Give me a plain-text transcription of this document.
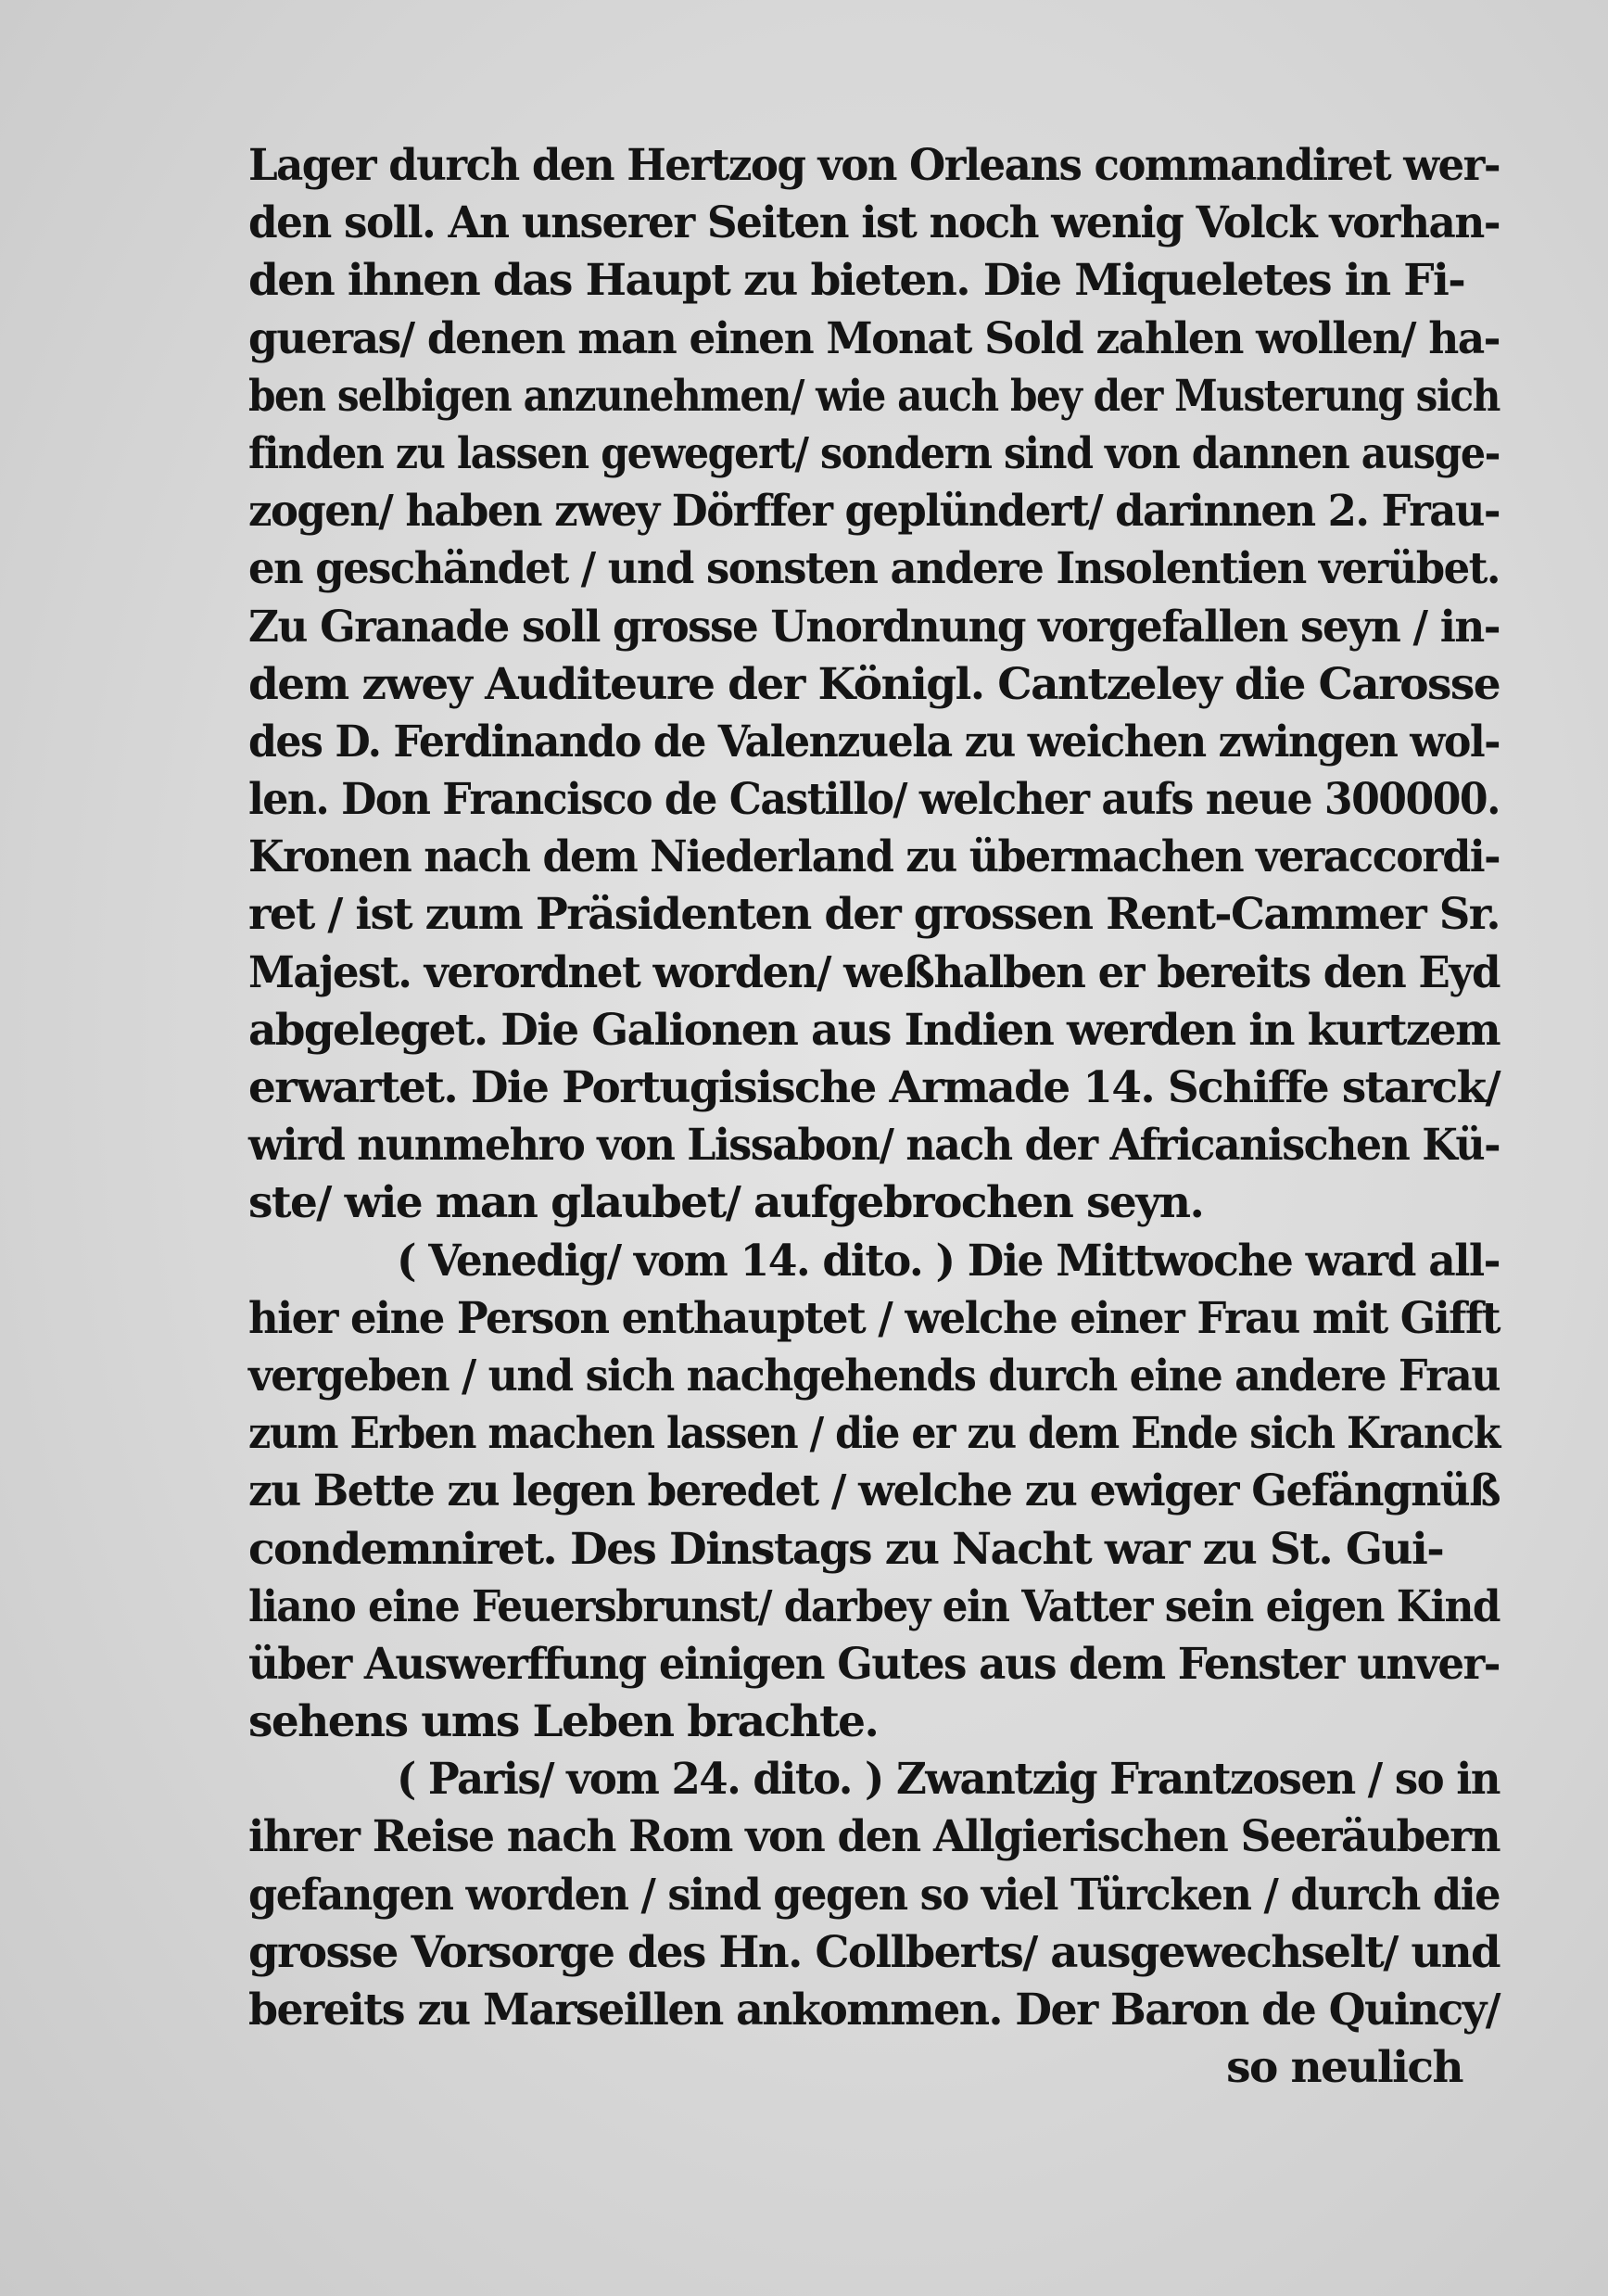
Lager durch den Hertzog von Orleans commandiret wer-
den soll. An unserer Seiten ist noch wenig Volck vorhan-
den ihnen das Haupt zu bieten. Die Miqueletes in Fi-
gueras/ denen man einen Monat Sold zahlen wollen/ ha-
ben selbigen anzunehmen/ wie auch bey der Musterung sich
finden zu lassen gewegert/ sondern sind von dannen ausge-
zogen/ haben zwey Dörffer geplündert/ darinnen 2. Frau-
en geschändet / und sonsten andere Insolentien verübet.
Zu Granade soll grosse Unordnung vorgefallen seyn / in-
dem zwey Auditeure der Königl. Cantzeley die Carosse
des D. Ferdinando de Valenzuela zu weichen zwingen wol-
len. Don Francisco de Castillo/ welcher aufs neue 300000.
Kronen nach dem Niederland zu übermachen veraccordi-
ret / ist zum Präsidenten der grossen Rent-Cammer Sr.
Majest. verordnet worden/ weßhalben er bereits den Eyd
abgeleget. Die Galionen aus Indien werden in kurtzem
erwartet. Die Portugisische Armade 14. Schiffe starck/
wird nunmehro von Lissabon/ nach der Africanischen Kü-
ste/ wie man glaubet/ aufgebrochen seyn.
( Venedig/ vom 14. dito. ) Die Mittwoche ward all-
hier eine Person enthauptet / welche einer Frau mit Gifft
vergeben / und sich nachgehends durch eine andere Frau
zum Erben machen lassen / die er zu dem Ende sich Kranck
zu Bette zu legen beredet / welche zu ewiger Gefängnüß
condemniret. Des Dinstags zu Nacht war zu St. Gui-
liano eine Feuersbrunst/ darbey ein Vatter sein eigen Kind
über Auswerffung einigen Gutes aus dem Fenster unver-
sehens ums Leben brachte.
( Paris/ vom 24. dito. ) Zwantzig Frantzosen / so in
ihrer Reise nach Rom von den Allgierischen Seeräubern
gefangen worden / sind gegen so viel Türcken / durch die
grosse Vorsorge des Hn. Collberts/ ausgewechselt/ und
bereits zu Marseillen ankommen. Der Baron de Quincy/
so neulich
